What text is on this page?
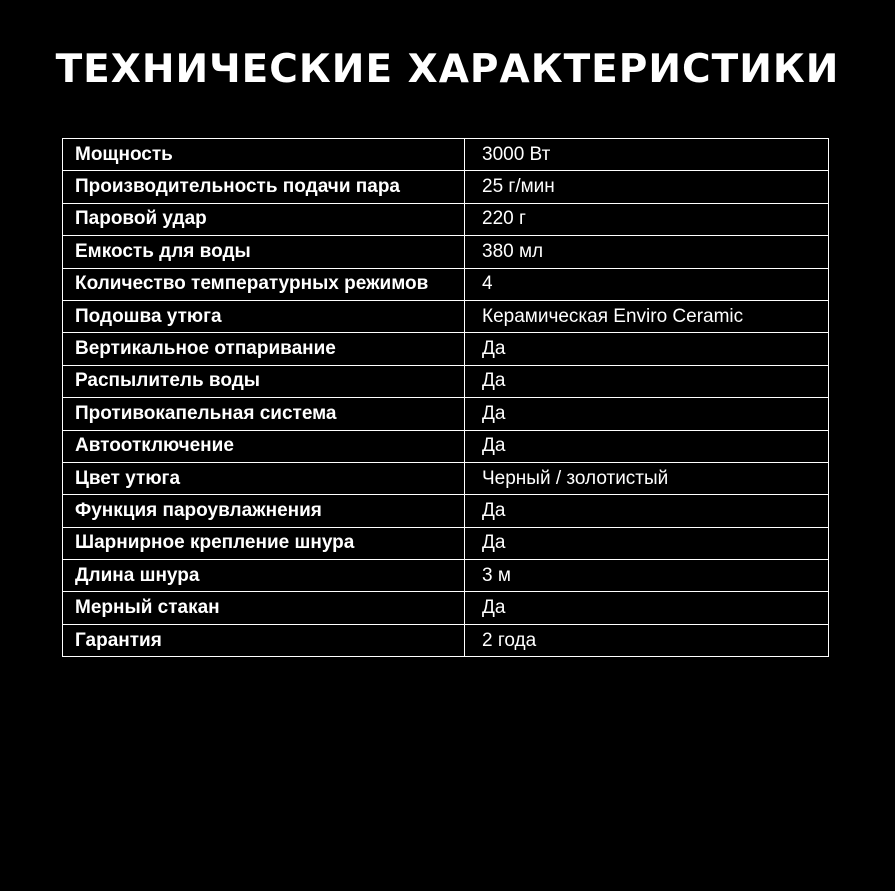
ТЕХНИЧЕСКИЕ ХАРАКТЕРИСТИКИ
Мощность	3000 Вт
Производительность подачи пара	25 г/мин
Паровой удар	220 г
Емкость для воды	380 мл
Количество температурных режимов	4
Подошва утюга	Керамическая Enviro Ceramic
Вертикальное отпаривание	Да
Распылитель воды	Да
Противокапельная система	Да
Автоотключение	Да
Цвет утюга	Черный / золотистый
Функция пароувлажнения	Да
Шарнирное крепление шнура	Да
Длина шнура	3 м
Мерный стакан	Да
Гарантия	2 года
